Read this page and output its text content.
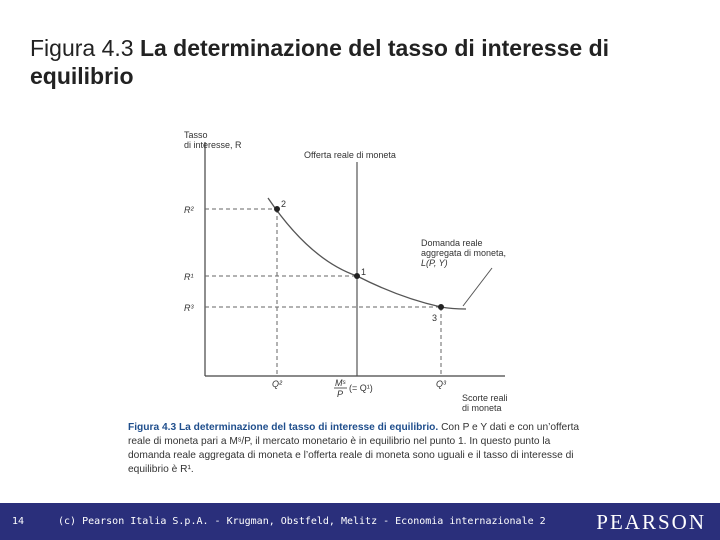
Figura 4.3 La determinazione del tasso di interesse di equilibrio
Tasso
di interesse, R
Offerta reale di moneta
Domanda reale
aggregata di moneta,
L(P, Y)
R²
R¹
R³
Q²	Q³
Mˢ
P
(= Q¹)
Scorte reali
di moneta
2
1
3
Figura 4.3 La determinazione del tasso di interesse di equilibrio. Con P e Y dati e con un’offerta reale di moneta pari a Mˢ/P, il mercato monetario è in equilibrio nel punto 1. In questo punto la domanda reale aggregata di moneta e l’offerta reale di moneta sono uguali e il tasso di interesse di equilibrio è R¹.
14	(c) Pearson Italia S.p.A. - Krugman, Obstfeld, Melitz - Economia internazionale 2 PEARSON
